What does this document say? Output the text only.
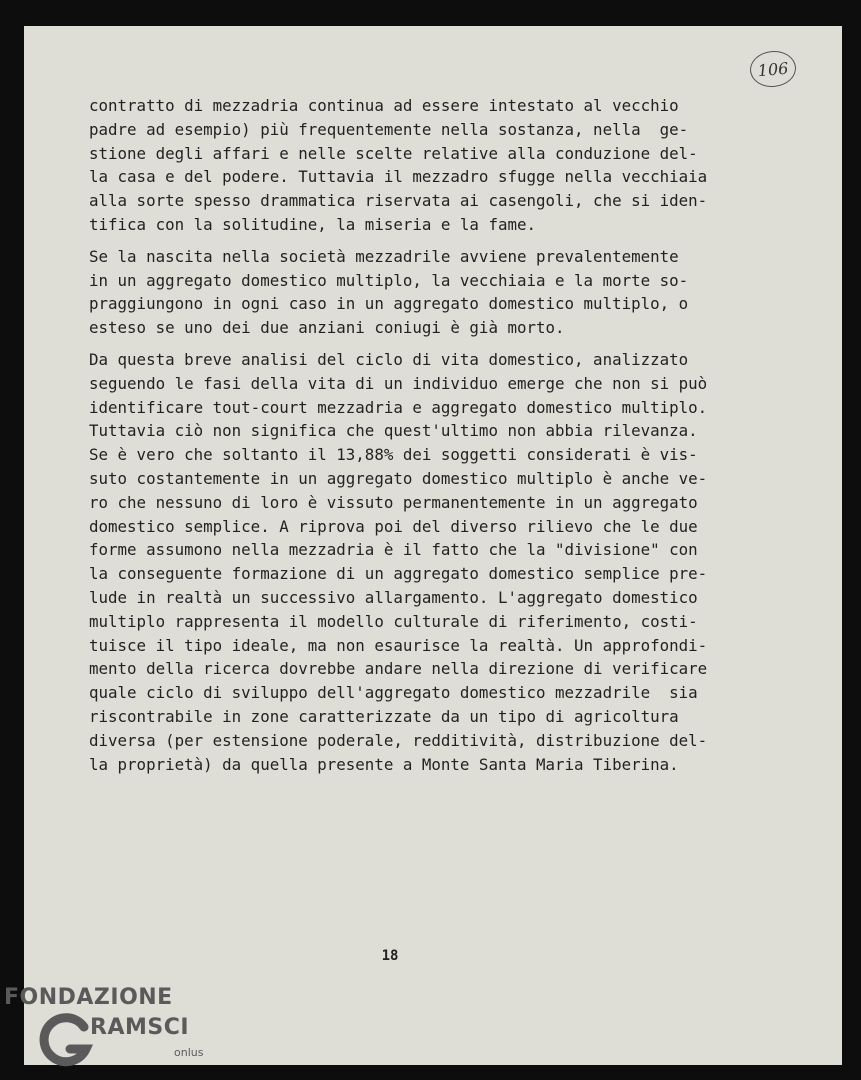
106
contratto di mezzadria continua ad essere intestato al vecchio
padre ad esempio) più frequentemente nella sostanza, nella  ge-
stione degli affari e nelle scelte relative alla conduzione del-
la casa e del podere. Tuttavia il mezzadro sfugge nella vecchiaia
alla sorte spesso drammatica riservata ai casengoli, che si iden-
tifica con la solitudine, la miseria e la fame.
Se la nascita nella società mezzadrile avviene prevalentemente
in un aggregato domestico multiplo, la vecchiaia e la morte so-
praggiungono in ogni caso in un aggregato domestico multiplo, o
esteso se uno dei due anziani coniugi è già morto.
Da questa breve analisi del ciclo di vita domestico, analizzato
seguendo le fasi della vita di un individuo emerge che non si può
identificare tout-court mezzadria e aggregato domestico multiplo.
Tuttavia ciò non significa che quest'ultimo non abbia rilevanza.
Se è vero che soltanto il 13,88% dei soggetti considerati è vis-
suto costantemente in un aggregato domestico multiplo è anche ve-
ro che nessuno di loro è vissuto permanentemente in un aggregato
domestico semplice. A riprova poi del diverso rilievo che le due
forme assumono nella mezzadria è il fatto che la "divisione" con
la conseguente formazione di un aggregato domestico semplice pre-
lude in realtà un successivo allargamento. L'aggregato domestico
multiplo rappresenta il modello culturale di riferimento, costi-
tuisce il tipo ideale, ma non esaurisce la realtà. Un approfondi-
mento della ricerca dovrebbe andare nella direzione di verificare
quale ciclo di sviluppo dell'aggregato domestico mezzadrile  sia
riscontrabile in zone caratterizzate da un tipo di agricoltura
diversa (per estensione poderale, redditività, distribuzione del-
la proprietà) da quella presente a Monte Santa Maria Tiberina.
18
FONDAZIONE
RAMSCI
onlus
